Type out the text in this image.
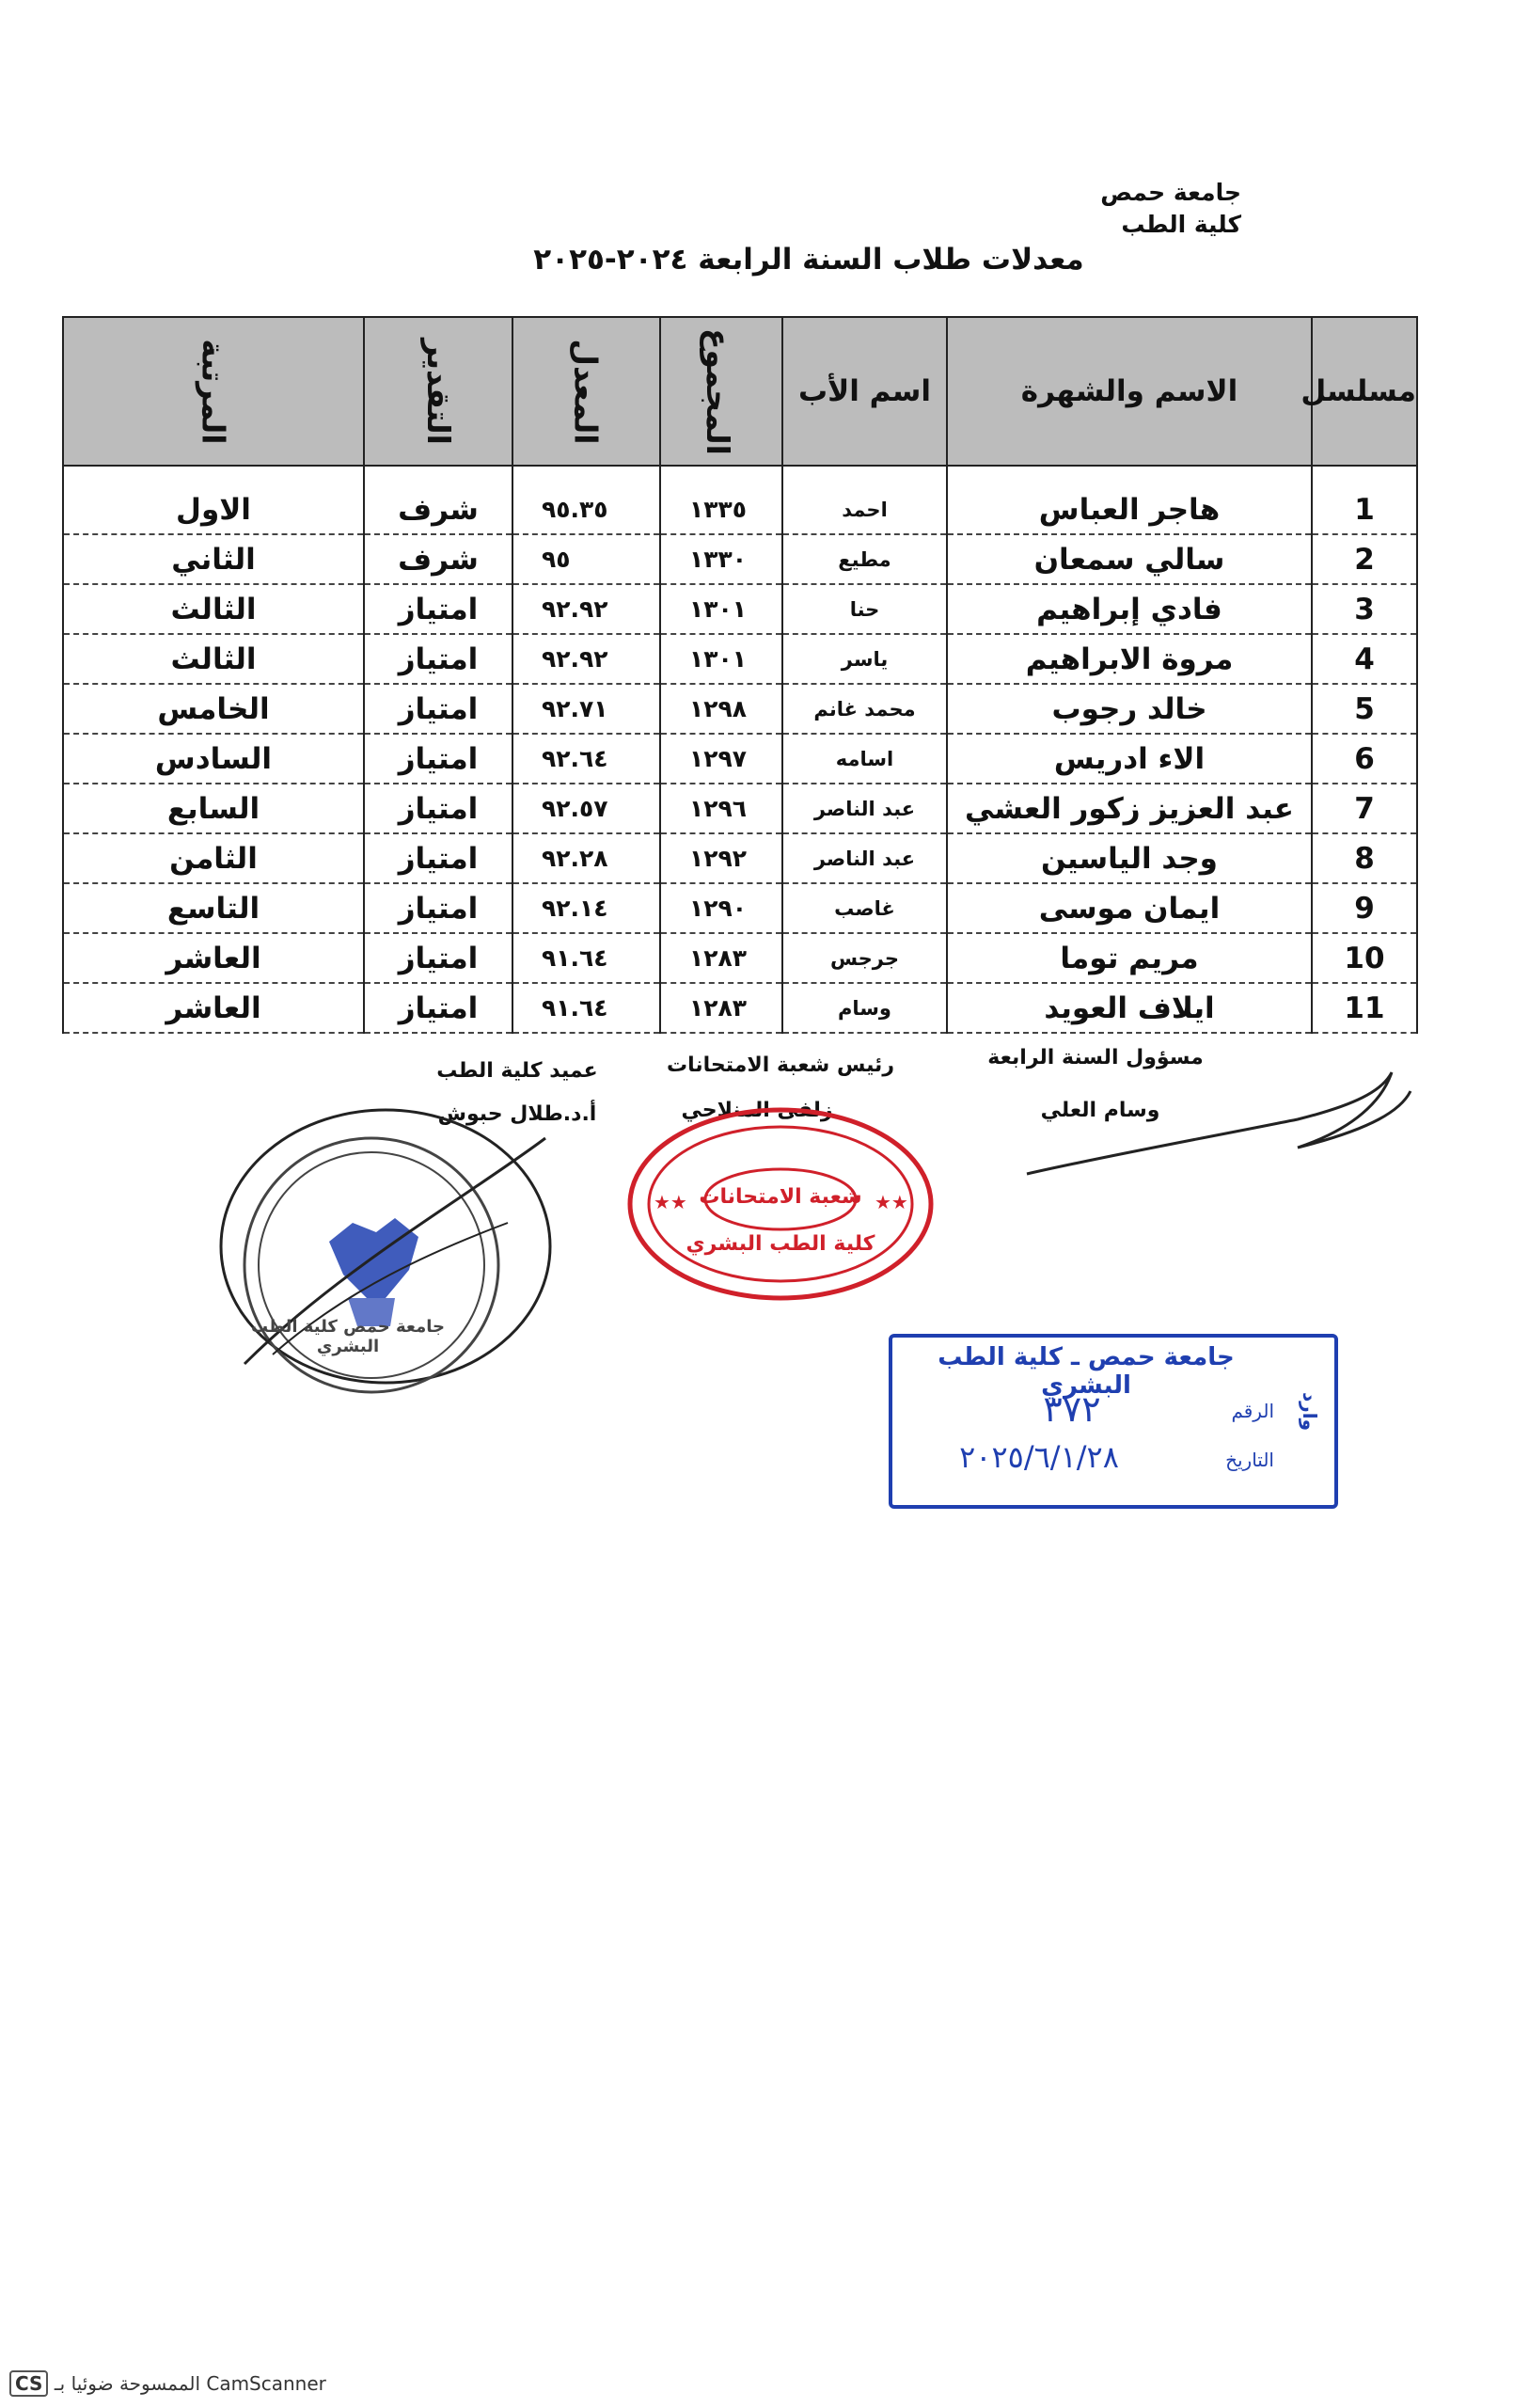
جامعة حمص
كلية الطب
معدلات طلاب السنة الرابعة ٢٠٢٤-٢٠٢٥
مسلسل	الاسم والشهرة	اسم الأب	المجموع	المعدل	التقدير	المرتبة

1	هاجر العباس	احمد	١٣٣٥	٩٥.٣٥	شرف	الاول
2	سالي سمعان	مطيع	١٣٣٠	٩٥	شرف	الثاني
3	فادي إبراهيم	حنا	١٣٠١	٩٢.٩٢	امتياز	الثالث
4	مروة الابراهيم	ياسر	١٣٠١	٩٢.٩٢	امتياز	الثالث
5	خالد رجوب	محمد غانم	١٢٩٨	٩٢.٧١	امتياز	الخامس
6	الاء ادريس	اسامه	١٢٩٧	٩٢.٦٤	امتياز	السادس
7	عبد العزيز زكور العشي	عبد الناصر	١٢٩٦	٩٢.٥٧	امتياز	السابع
8	وجد الياسين	عبد الناصر	١٢٩٢	٩٢.٢٨	امتياز	الثامن
9	ايمان موسى	غاصب	١٢٩٠	٩٢.١٤	امتياز	التاسع
10	مريم توما	جرجس	١٢٨٣	٩١.٦٤	امتياز	العاشر
11	ايلاف العويد	وسام	١٢٨٣	٩١.٦٤	امتياز	العاشر
مسؤول السنة الرابعة
وسام العلي
رئيس شعبة الامتحانات
زلفى المنلاجي
عميد كلية الطب
أ.د.طلال حبوش
جامعة حمص كلية الطب البشري
★★	★★
شعبة الامتحانات
كلية الطب البشري
جامعة حمص ـ كلية الطب البشري
وارد
الرقم
٣٧٢
التاريخ
٢٠٢٥/٦/١/٢٨
CS الممسوحة ضوئيا بـ CamScanner
